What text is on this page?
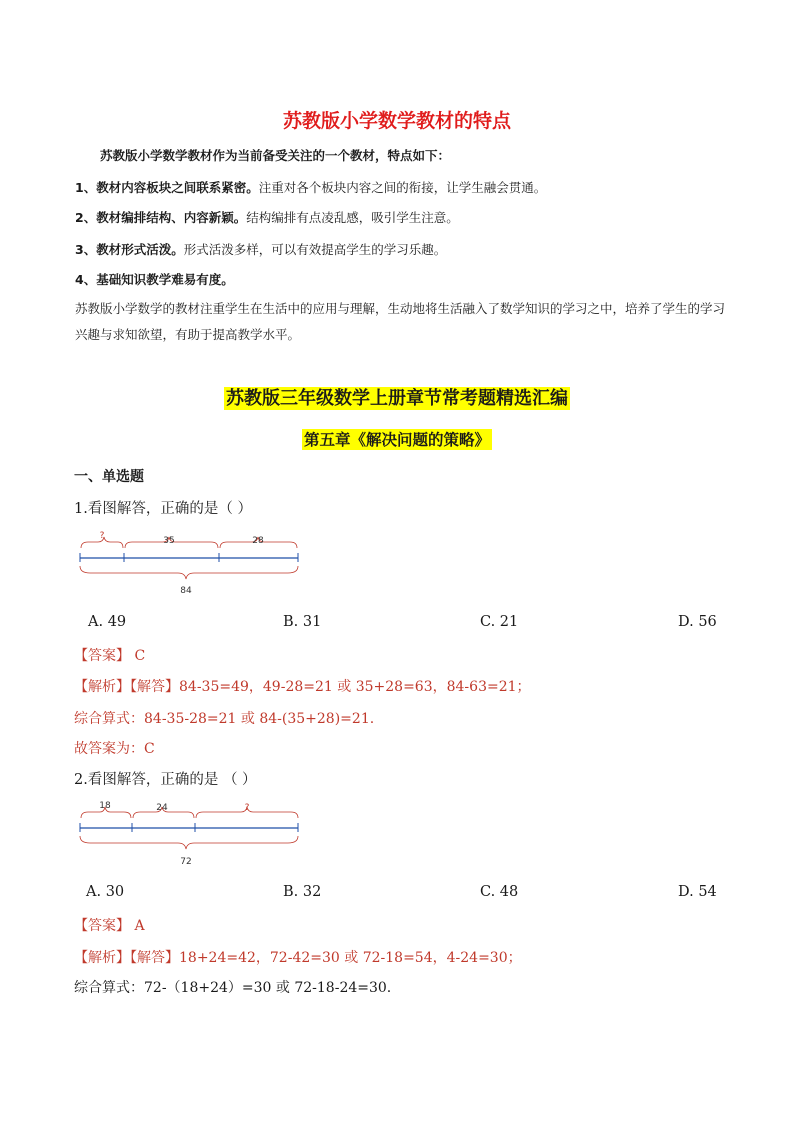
苏教版小学数学教材的特点
苏教版小学数学教材作为当前备受关注的一个教材，特点如下：
1、教材内容板块之间联系紧密。注重对各个板块内容之间的衔接，让学生融会贯通。
2、教材编排结构、内容新颖。结构编排有点凌乱感，吸引学生注意。
3、教材形式活泼。形式活泼多样，可以有效提高学生的学习乐趣。
4、基础知识教学难易有度。
苏教版小学数学的教材注重学生在生活中的应用与理解，生动地将生活融入了数学知识的学习之中，培养了学生的学习兴趣与求知欲望，有助于提高教学水平。
苏教版三年级数学上册章节常考题精选汇编
第五章《解决问题的策略》
一、单选题
1.看图解答，正确的是（ ）
?	35	28
84
A. 49	B. 31	C. 21	D. 56
【答案】 C
【解析】【解答】84-35=49，49-28=21 或 35+28=63，84-63=21；
综合算式：84-35-28=21 或 84-(35+28)=21.
故答案为：C
2.看图解答，正确的是 （ ）
18	24	?
72
A. 30	B. 32	C. 48	D. 54
【答案】 A
【解析】【解答】18+24=42，72-42=30 或 72-18=54，4-24=30；
综合算式：72-（18+24）=30 或 72-18-24=30.
